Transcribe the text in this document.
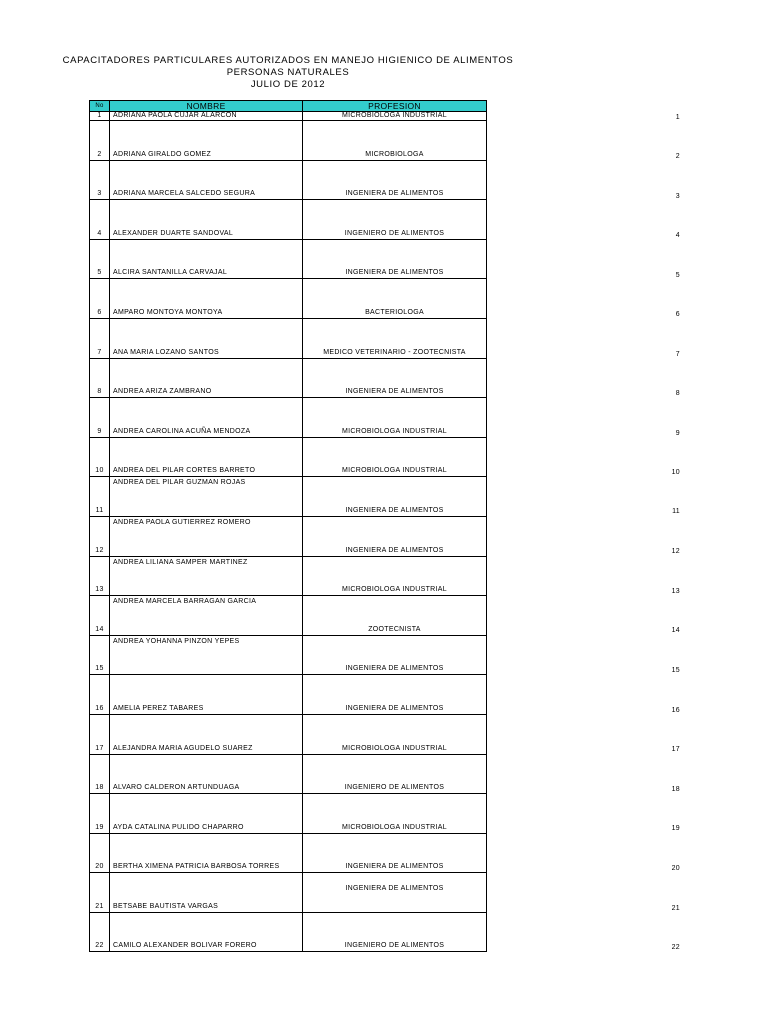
CAPACITADORES PARTICULARES AUTORIZADOS EN MANEJO HIGIENICO DE ALIMENTOS
PERSONAS NATURALES
JULIO DE 2012
No	NOMBRE	PROFESION
1	ADRIANA PAOLA CUJAR ALARCON	MICROBIOLOGA INDUSTRIAL
2	ADRIANA GIRALDO GOMEZ	MICROBIOLOGA
3	ADRIANA MARCELA SALCEDO SEGURA	INGENIERA DE ALIMENTOS
4	ALEXANDER DUARTE SANDOVAL	INGENIERO DE ALIMENTOS
5	ALCIRA SANTANILLA CARVAJAL	INGENIERA DE ALIMENTOS
6	AMPARO MONTOYA MONTOYA	BACTERIOLOGA
7	ANA MARIA LOZANO SANTOS	MEDICO VETERINARIO - ZOOTECNISTA
8	ANDREA ARIZA ZAMBRANO	INGENIERA DE ALIMENTOS
9	ANDREA CAROLINA ACUÑA MENDOZA	MICROBIOLOGA INDUSTRIAL
10	ANDREA DEL PILAR CORTES BARRETO	MICROBIOLOGA INDUSTRIAL
11	ANDREA DEL PILAR GUZMAN ROJAS	INGENIERA DE ALIMENTOS
12	ANDREA PAOLA GUTIERREZ ROMERO	INGENIERA DE ALIMENTOS
13	ANDREA LILIANA SAMPER MARTINEZ	MICROBIOLOGA INDUSTRIAL
14	ANDREA MARCELA BARRAGAN GARCIA	ZOOTECNISTA
15	ANDREA YOHANNA PINZON YEPES	INGENIERA DE ALIMENTOS
16	AMELIA PEREZ TABARES	INGENIERA DE ALIMENTOS
17	ALEJANDRA MARIA AGUDELO SUAREZ	MICROBIOLOGA INDUSTRIAL
18	ALVARO CALDERON ARTUNDUAGA	INGENIERO DE ALIMENTOS
19	AYDA CATALINA PULIDO CHAPARRO	MICROBIOLOGA INDUSTRIAL
20	BERTHA XIMENA PATRICIA BARBOSA TORRES	INGENIERA DE ALIMENTOS
21	BETSABE BAUTISTA VARGAS	INGENIERA DE ALIMENTOS
22	CAMILO ALEXANDER BOLIVAR FORERO	INGENIERO DE ALIMENTOS
1
2
3
4
5
6
7
8
9
10
11
12
13
14
15
16
17
18
19
20
21
22
